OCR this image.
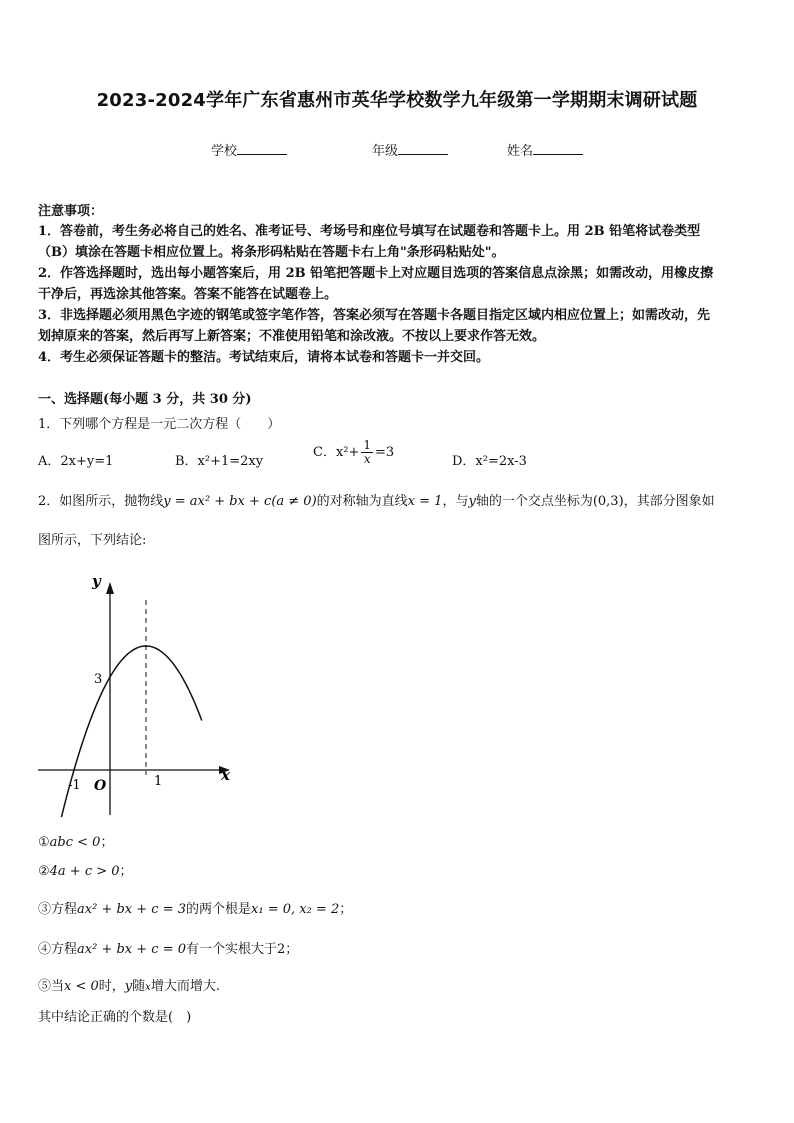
2023-2024学年广东省惠州市英华学校数学九年级第一学期期末调研试题
学校	年级	姓名
注意事项：
1．答卷前，考生务必将自己的姓名、准考证号、考场号和座位号填写在试题卷和答题卡上。用 2B 铅笔将试卷类型
（B）填涂在答题卡相应位置上。将条形码粘贴在答题卡右上角"条形码粘贴处"。
2．作答选择题时，选出每小题答案后，用 2B 铅笔把答题卡上对应题目选项的答案信息点涂黑；如需改动，用橡皮擦
干净后，再选涂其他答案。答案不能答在试题卷上。
3．非选择题必须用黑色字迹的钢笔或签字笔作答，答案必须写在答题卡各题目指定区域内相应位置上；如需改动，先
划掉原来的答案，然后再写上新答案；不准使用铅笔和涂改液。不按以上要求作答无效。
4．考生必须保证答题卡的整洁。考试结束后，请将本试卷和答题卡一并交回。
一、选择题(每小题 3 分，共 30 分)
1．下列哪个方程是一元二次方程（　　）
A．2x+y=1	B．x²+1=2xy
C．$x^2+ \frac{1}{x} =3$
D．x²=2x-3
2．如图所示，抛物线y = ax² + bx + c(a ≠ 0)的对称轴为直线x = 1，与y轴的一个交点坐标为(0,3)，其部分图象如
图所示，下列结论:
y
x
O
-1	1
3
①abc < 0；
②4a + c > 0；
③方程ax² + bx + c = 3的两个根是x₁ = 0, x₂ = 2；
④方程ax² + bx + c = 0有一个实根大于2；
⑤当x < 0时，y随x增大而增大.
其中结论正确的个数是(　)
